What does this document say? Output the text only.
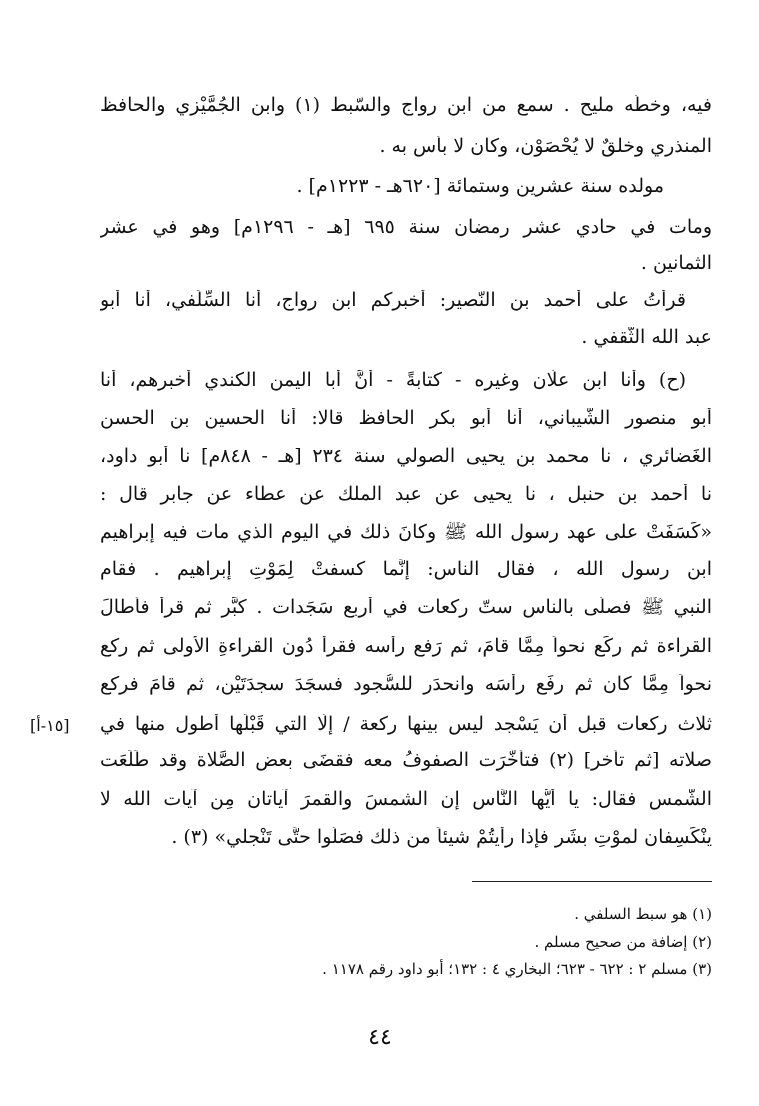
فيه، وخطُّه مليح . سمع من ابن رواج والسّبط (١) وابن الجُمَّيْزي والحافظ
المنذري وخلقٌ لا يُحْصَوْن، وكان لا بأس به .
مولده سنة عشرين وستمائة [٦٢٠هـ - ١٢٢٣م] .
ومات في حادي عشر رمضان سنة ٦٩٥ [هـ - ١٢٩٦م] وهو في عشر
الثمانين .
قرأتُ على أحمد بن النّصير: أخبركم ابن رواج، أنا السِّلَفي، أنا أبو
عبد الله الثَّقفي .
(ح) وأنا ابن علّان وغيره - كتابةً - أنَّ أبا اليمن الكندي أخبرهم، أنا
أبو منصور الشَّيباني، أنا أبو بكر الحافظ قالا: أنا الحسين بن الحسن
الغَضائري ، نا محمد بن يحيى الصولي سنة ٢٣٤ [هـ - ٨٤٨م] نا أبو داود،
نا أحمد بن حنبل ، نا يحيى عن عبد الملك عن عطاء عن جابر قال :
«كَسَفَتْ على عهد رسول الله ﷺ وكانَ ذلك في اليوم الذي مات فيه إبراهيم
ابن رسول الله ، فقال الناس: إنَّما كسفتْ لِمَوْتِ إبراهيم . فقام
النبي ﷺ فصلّى بالناس ستّ ركعات في أربع سَجَدات . كبَّر ثم قرأ فأطالَ
القراءة ثم ركَع نحواً مِمَّا قامَ، ثم رَفع رأسه فقرأ دُون القراءةِ الأُولى ثم ركع
نحواً مِمَّا كان ثم رفَع رأسَه وانحدَر للسُّجود فسجَدَ سجدَتَيْن، ثم قامَ فركع
ثلاث ركعات قبل أن يَسْجد ليس بينها ركعة / إلَّا التي قَبْلَها أطول منها في
صلاته [ثم تأخر] (٢) فتأخَّرَت الصفوفُ معه فقضَى بعض الصَّلاة وقد طَلَعَت
الشَّمس فقال: يا أيُّها النَّاس إن الشمسَ والقمرَ آياتان مِن آيات الله لا
ينْكَسِفان لموْتِ بشَر فإذا رأيتُمْ شيئاً من ذلك فصَلُّوا حتَّى تَنْجلي» (٣) .
[١٥-أ]
(١) هو سبط السلفي .
(٢) إضافة من صحيح مسلم .
(٣) مسلم ٢ : ٦٢٢ - ٦٢٣؛ البخاري ٤ : ١٣٢؛ أبو داود رقم ١١٧٨ .
٤٤
